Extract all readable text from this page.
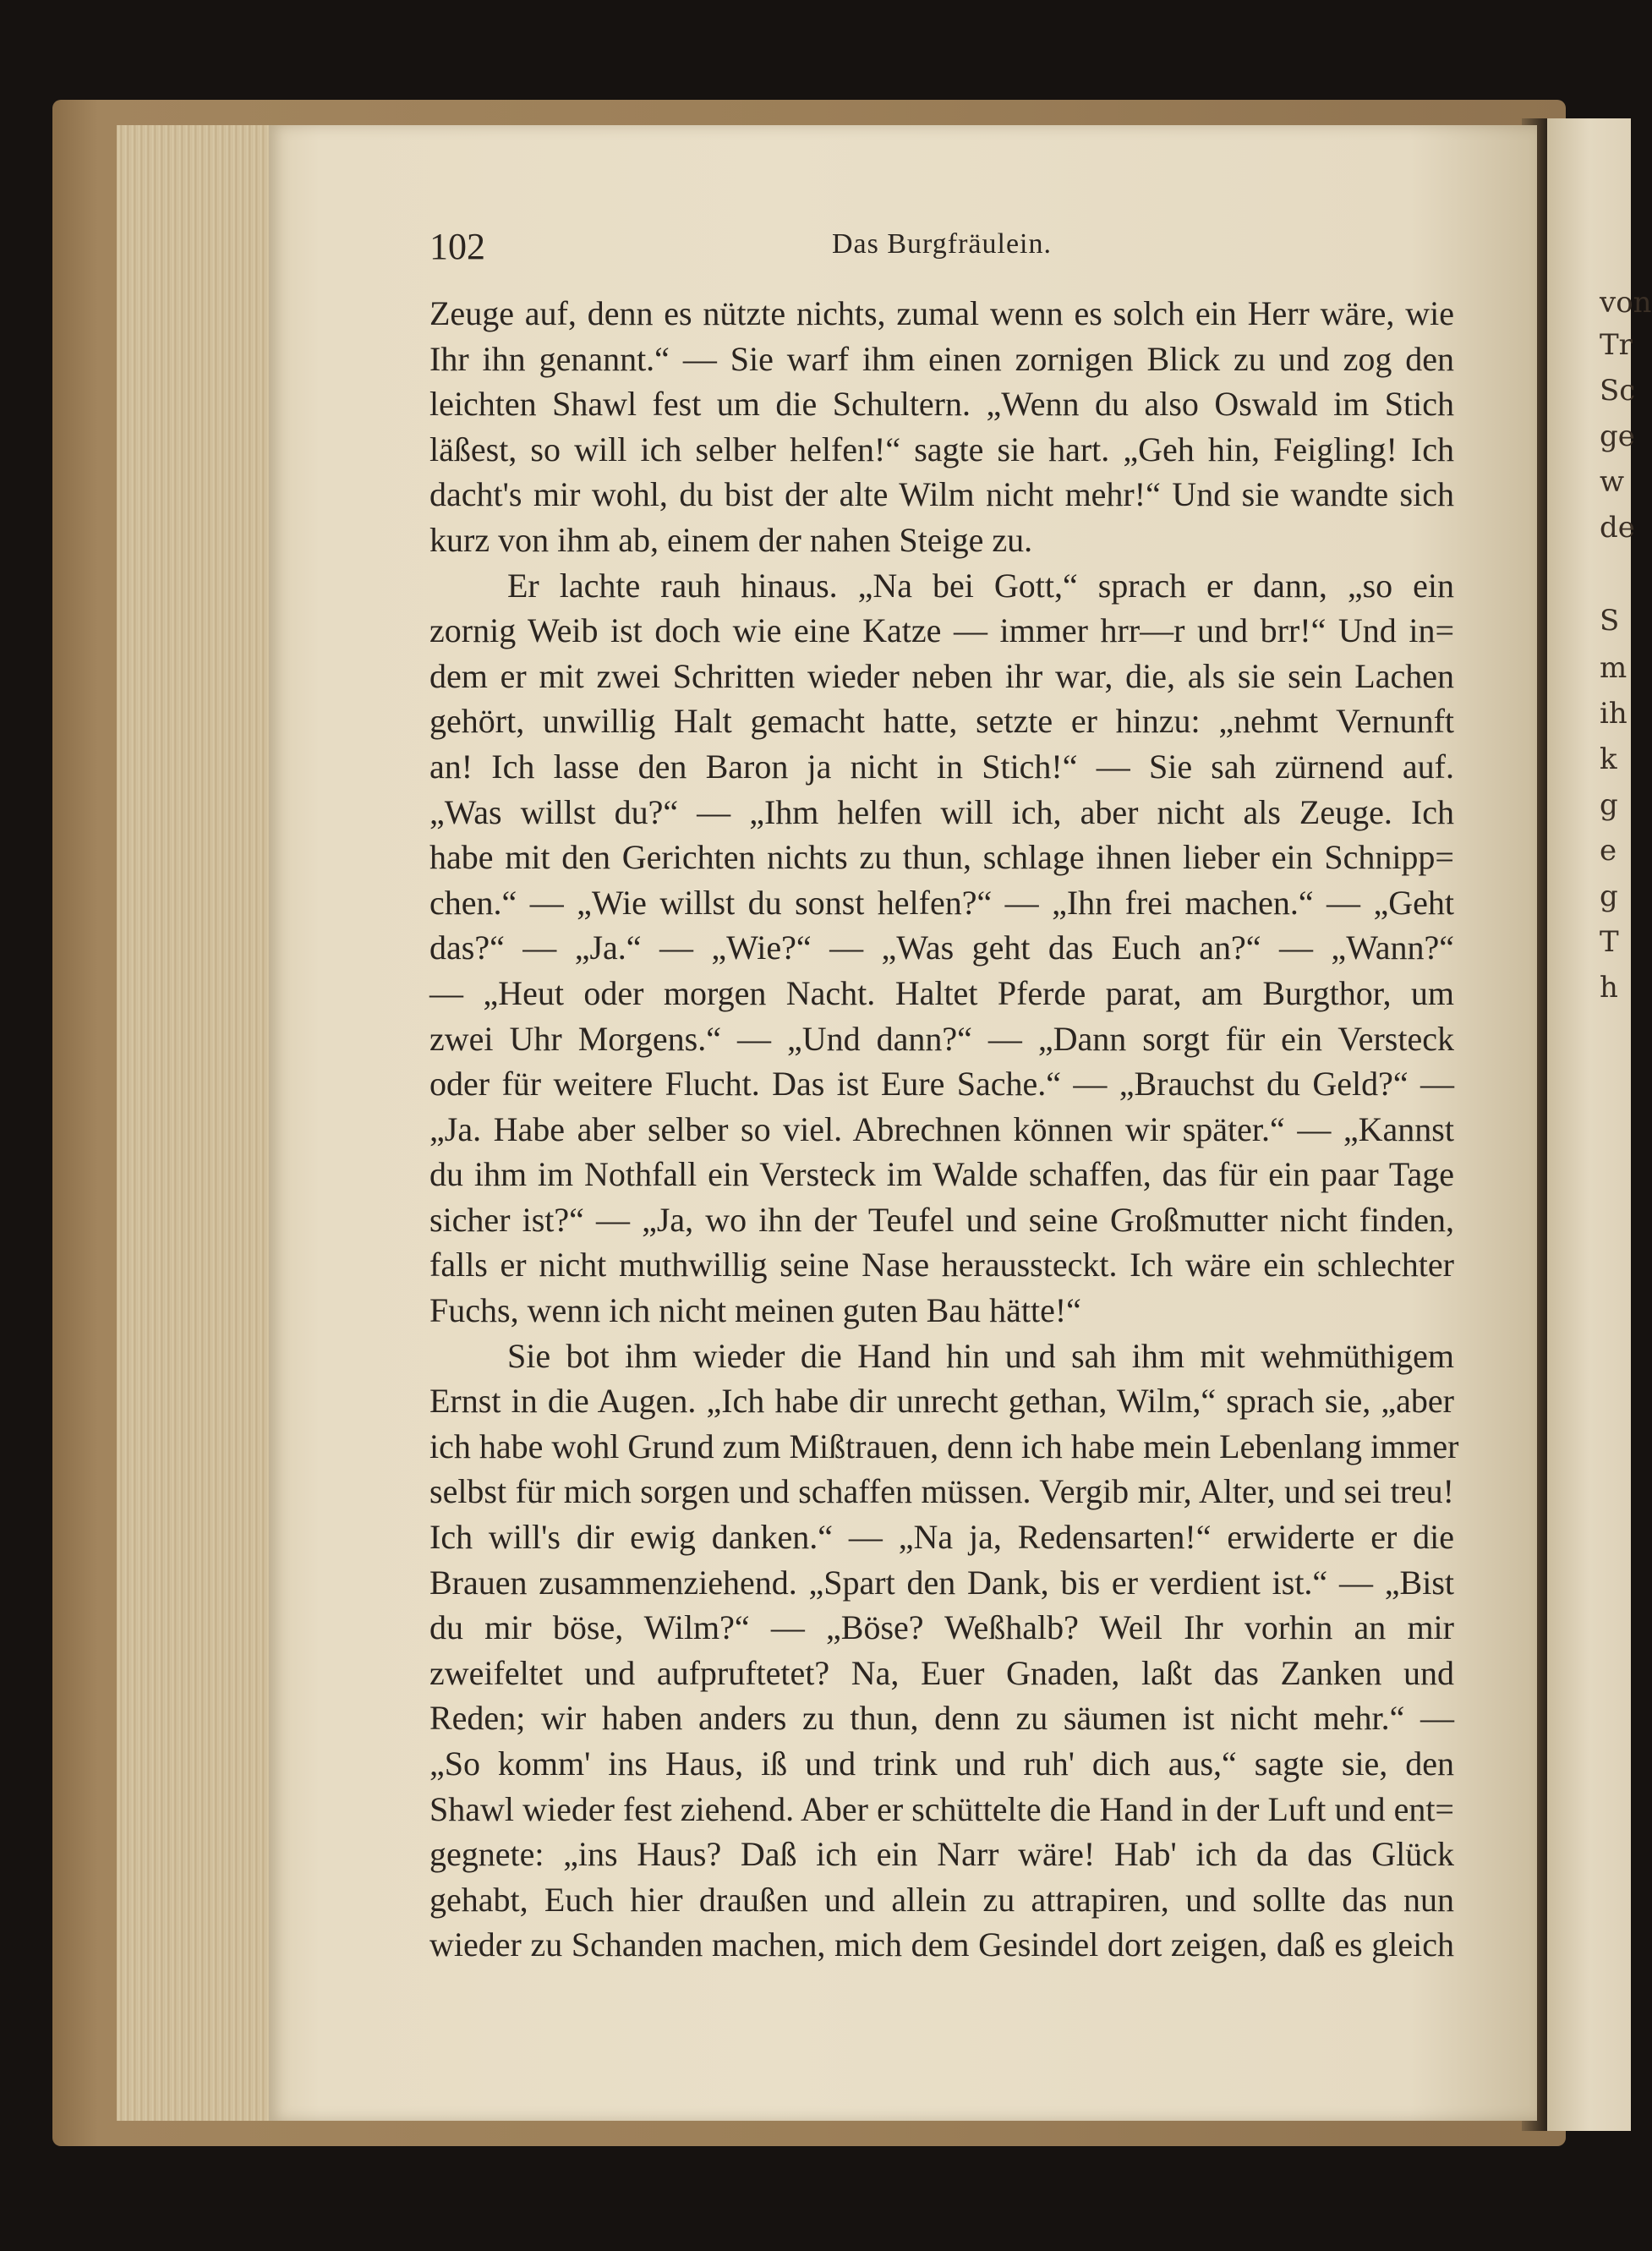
von
Tr
Sc
ge
w
de
S
m
ih
k
g
e
g
T
h
102	Das Burgfräulein.
Zeuge auf, denn es nützte nichts, zumal wenn es solch ein Herr wäre, wie
Ihr ihn genannt.“ — Sie warf ihm einen zornigen Blick zu und zog den
leichten Shawl fest um die Schultern. „Wenn du also Oswald im Stich
läßest, so will ich selber helfen!“ sagte sie hart. „Geh hin, Feigling! Ich
dacht's mir wohl, du bist der alte Wilm nicht mehr!“ Und sie wandte sich
kurz von ihm ab, einem der nahen Steige zu.
Er lachte rauh hinaus. „Na bei Gott,“ sprach er dann, „so ein
zornig Weib ist doch wie eine Katze — immer hrr—r und brr!“ Und in=
dem er mit zwei Schritten wieder neben ihr war, die, als sie sein Lachen
gehört, unwillig Halt gemacht hatte, setzte er hinzu: „nehmt Vernunft
an! Ich lasse den Baron ja nicht in Stich!“ — Sie sah zürnend auf.
„Was willst du?“ — „Ihm helfen will ich, aber nicht als Zeuge. Ich
habe mit den Gerichten nichts zu thun, schlage ihnen lieber ein Schnipp=
chen.“ — „Wie willst du sonst helfen?“ — „Ihn frei machen.“ — „Geht
das?“ — „Ja.“ — „Wie?“ — „Was geht das Euch an?“ — „Wann?“
— „Heut oder morgen Nacht. Haltet Pferde parat, am Burgthor, um
zwei Uhr Morgens.“ — „Und dann?“ — „Dann sorgt für ein Versteck
oder für weitere Flucht. Das ist Eure Sache.“ — „Brauchst du Geld?“ —
„Ja. Habe aber selber so viel. Abrechnen können wir später.“ — „Kannst
du ihm im Nothfall ein Versteck im Walde schaffen, das für ein paar Tage
sicher ist?“ — „Ja, wo ihn der Teufel und seine Großmutter nicht finden,
falls er nicht muthwillig seine Nase heraussteckt. Ich wäre ein schlechter
Fuchs, wenn ich nicht meinen guten Bau hätte!“
Sie bot ihm wieder die Hand hin und sah ihm mit wehmüthigem
Ernst in die Augen. „Ich habe dir unrecht gethan, Wilm,“ sprach sie, „aber
ich habe wohl Grund zum Mißtrauen, denn ich habe mein Lebenlang immer
selbst für mich sorgen und schaffen müssen. Vergib mir, Alter, und sei treu!
Ich will's dir ewig danken.“ — „Na ja, Redensarten!“ erwiderte er die
Brauen zusammenziehend. „Spart den Dank, bis er verdient ist.“ — „Bist
du mir böse, Wilm?“ — „Böse? Weßhalb? Weil Ihr vorhin an mir
zweifeltet und aufpruftetet? Na, Euer Gnaden, laßt das Zanken und
Reden; wir haben anders zu thun, denn zu säumen ist nicht mehr.“ —
„So komm' ins Haus, iß und trink und ruh' dich aus,“ sagte sie, den
Shawl wieder fest ziehend. Aber er schüttelte die Hand in der Luft und ent=
gegnete: „ins Haus? Daß ich ein Narr wäre! Hab' ich da das Glück
gehabt, Euch hier draußen und allein zu attrapiren, und sollte das nun
wieder zu Schanden machen, mich dem Gesindel dort zeigen, daß es gleich
